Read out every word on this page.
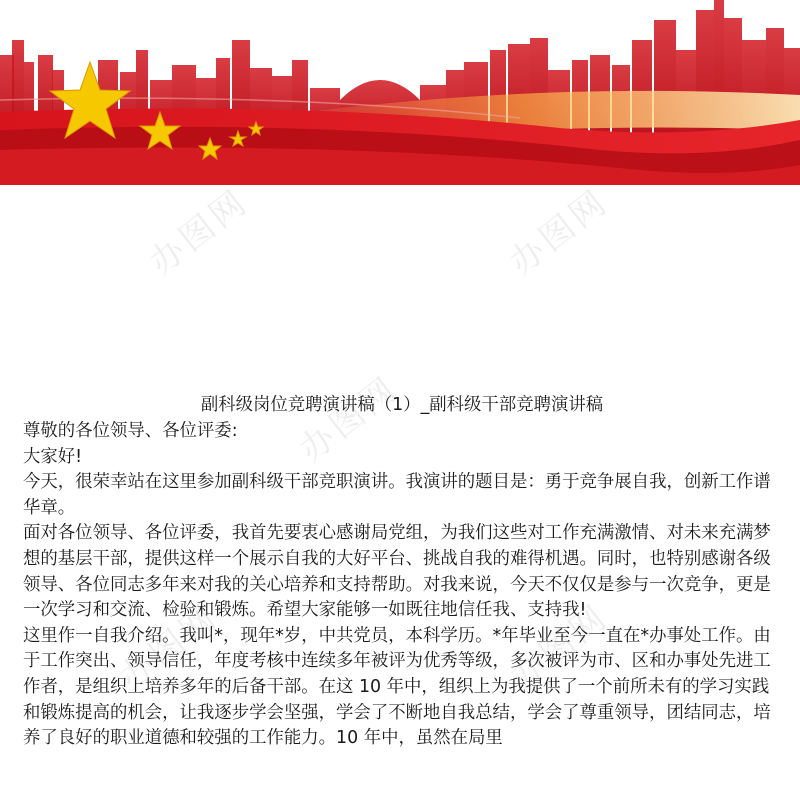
办图网	办图网
办图网
办图网	办图网
副科级岗位竞聘演讲稿（1）_副科级干部竞聘演讲稿

尊敬的各位领导、各位评委:

大家好!

今天，很荣幸站在这里参加副科级干部竞职演讲。我演讲的题目是：勇于竞争展自我，创新工作谱华章。

面对各位领导、各位评委，我首先要衷心感谢局党组，为我们这些对工作充满激情、对未来充满梦想的基层干部，提供这样一个展示自我的大好平台、挑战自我的难得机遇。同时，也特别感谢各级领导、各位同志多年来对我的关心培养和支持帮助。对我来说，今天不仅仅是参与一次竞争，更是一次学习和交流、检验和锻炼。希望大家能够一如既往地信任我、支持我!

这里作一自我介绍。我叫*，现年*岁，中共党员，本科学历。*年毕业至今一直在*办事处工作。由于工作突出、领导信任，年度考核中连续多年被评为优秀等级，多次被评为市、区和办事处先进工作者，是组织上培养多年的后备干部。在这 10 年中，组织上为我提供了一个前所未有的学习实践和锻炼提高的机会，让我逐步学会坚强，学会了不断地自我总结，学会了尊重领导，团结同志，培养了良好的职业道德和较强的工作能力。10 年中，虽然在局里
